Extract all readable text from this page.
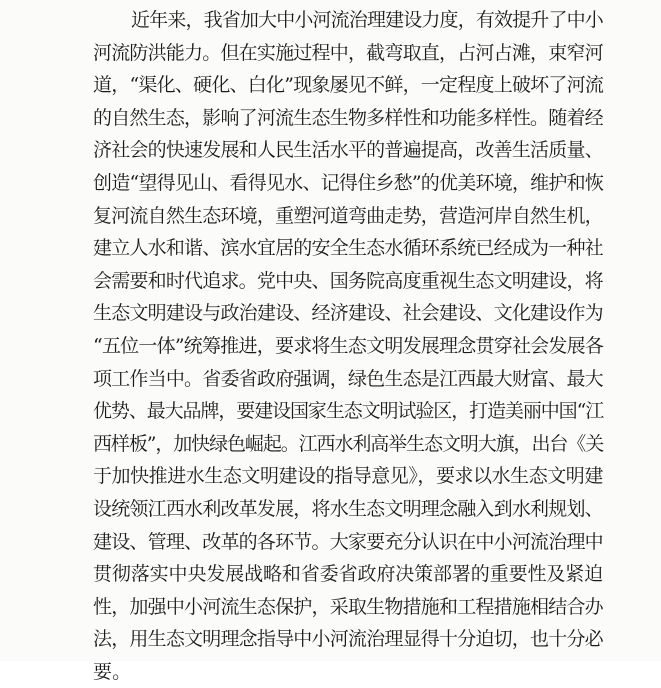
近年来，我省加大中小河流治理建设力度，有效提升了中小
河流防洪能力。但在实施过程中，截弯取直，占河占滩，束窄河
道，“渠化、硬化、白化”现象屡见不鲜，一定程度上破坏了河流
的自然生态，影响了河流生态生物多样性和功能多样性。随着经
济社会的快速发展和人民生活水平的普遍提高，改善生活质量、
创造“望得见山、看得见水、记得住乡愁”的优美环境，维护和恢
复河流自然生态环境，重塑河道弯曲走势，营造河岸自然生机，
建立人水和谐、滨水宜居的安全生态水循环系统已经成为一种社
会需要和时代追求。党中央、国务院高度重视生态文明建设，将
生态文明建设与政治建设、经济建设、社会建设、文化建设作为
“五位一体”统筹推进，要求将生态文明发展理念贯穿社会发展各
项工作当中。省委省政府强调，绿色生态是江西最大财富、最大
优势、最大品牌，要建设国家生态文明试验区，打造美丽中国“江
西样板”，加快绿色崛起。江西水利高举生态文明大旗，出台《关
于加快推进水生态文明建设的指导意见》，要求以水生态文明建
设统领江西水利改革发展，将水生态文明理念融入到水利规划、
建设、管理、改革的各环节。大家要充分认识在中小河流治理中
贯彻落实中央发展战略和省委省政府决策部署的重要性及紧迫
性，加强中小河流生态保护，采取生物措施和工程措施相结合办
法，用生态文明理念指导中小河流治理显得十分迫切，也十分必
要。
